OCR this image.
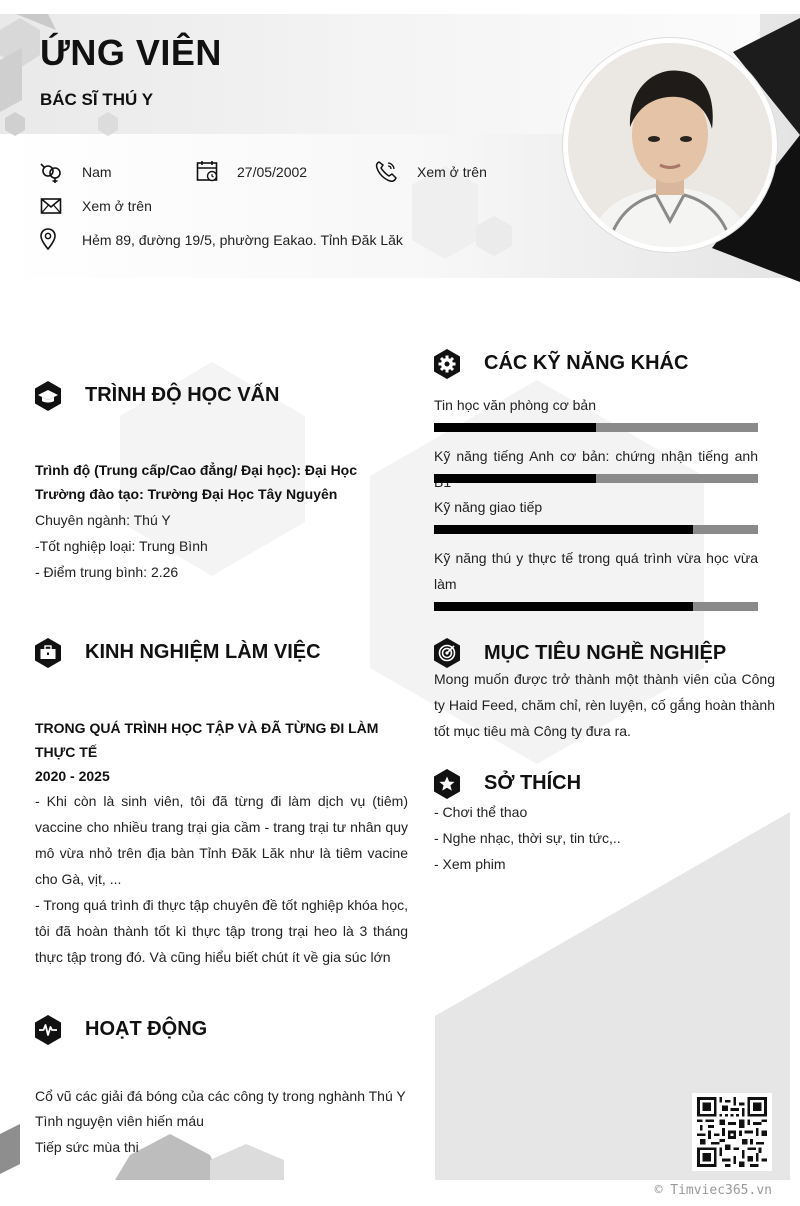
ỨNG VIÊN
BÁC SĨ THÚ Y
Nam	27/05/2002	Xem ở trên
Xem ở trên
Hẻm 89, đường 19/5, phường Eakao. Tỉnh Đăk Lăk
TRÌNH ĐỘ HỌC VẤN
Trình độ (Trung cấp/Cao đẳng/ Đại học): Đại Học
Trường đào tạo: Trường Đại Học Tây Nguyên
Chuyên ngành: Thú Y
-Tốt nghiệp loại: Trung Bình
- Điểm trung bình: 2.26
KINH NGHIỆM LÀM VIỆC
TRONG QUÁ TRÌNH HỌC TẬP VÀ ĐÃ TỪNG ĐI LÀM THỰC TẾ
2020 - 2025
- Khi còn là sinh viên, tôi đã từng đi làm dịch vụ (tiêm) vaccine cho nhiều trang trại gia cầm - trang trại tư nhân quy mô vừa nhỏ trên địa bàn Tỉnh Đăk Lăk như là tiêm vacine cho Gà, vịt, ...
- Trong quá trình đi thực tập chuyên đề tốt nghiệp khóa học, tôi đã hoàn thành tốt kì thực tập trong trại heo là 3 tháng thực tập trong đó. Và cũng hiểu biết chút ít về gia súc lớn
HOẠT ĐỘNG
Cổ vũ các giải đá bóng của các công ty trong nghành Thú Y
Tình nguyện viên hiến máu
Tiếp sức mùa thi
CÁC KỸ NĂNG KHÁC
Tin học văn phòng cơ bản
Kỹ năng tiếng Anh cơ bản: chứng nhận tiếng anh
Kỹ năng giao tiếp
Kỹ năng thú y thực tế trong quá trình vừa học vừa làm
MỤC TIÊU NGHỀ NGHIỆP
Mong muốn được trở thành một thành viên của Công ty Haid Feed, chăm chỉ, rèn luyện, cố gắng hoàn thành tốt mục tiêu mà Công ty đưa ra.
SỞ THÍCH
- Chơi thể thao
- Nghe nhạc, thời sự, tin tức,..
- Xem phim
© Timviec365.vn
